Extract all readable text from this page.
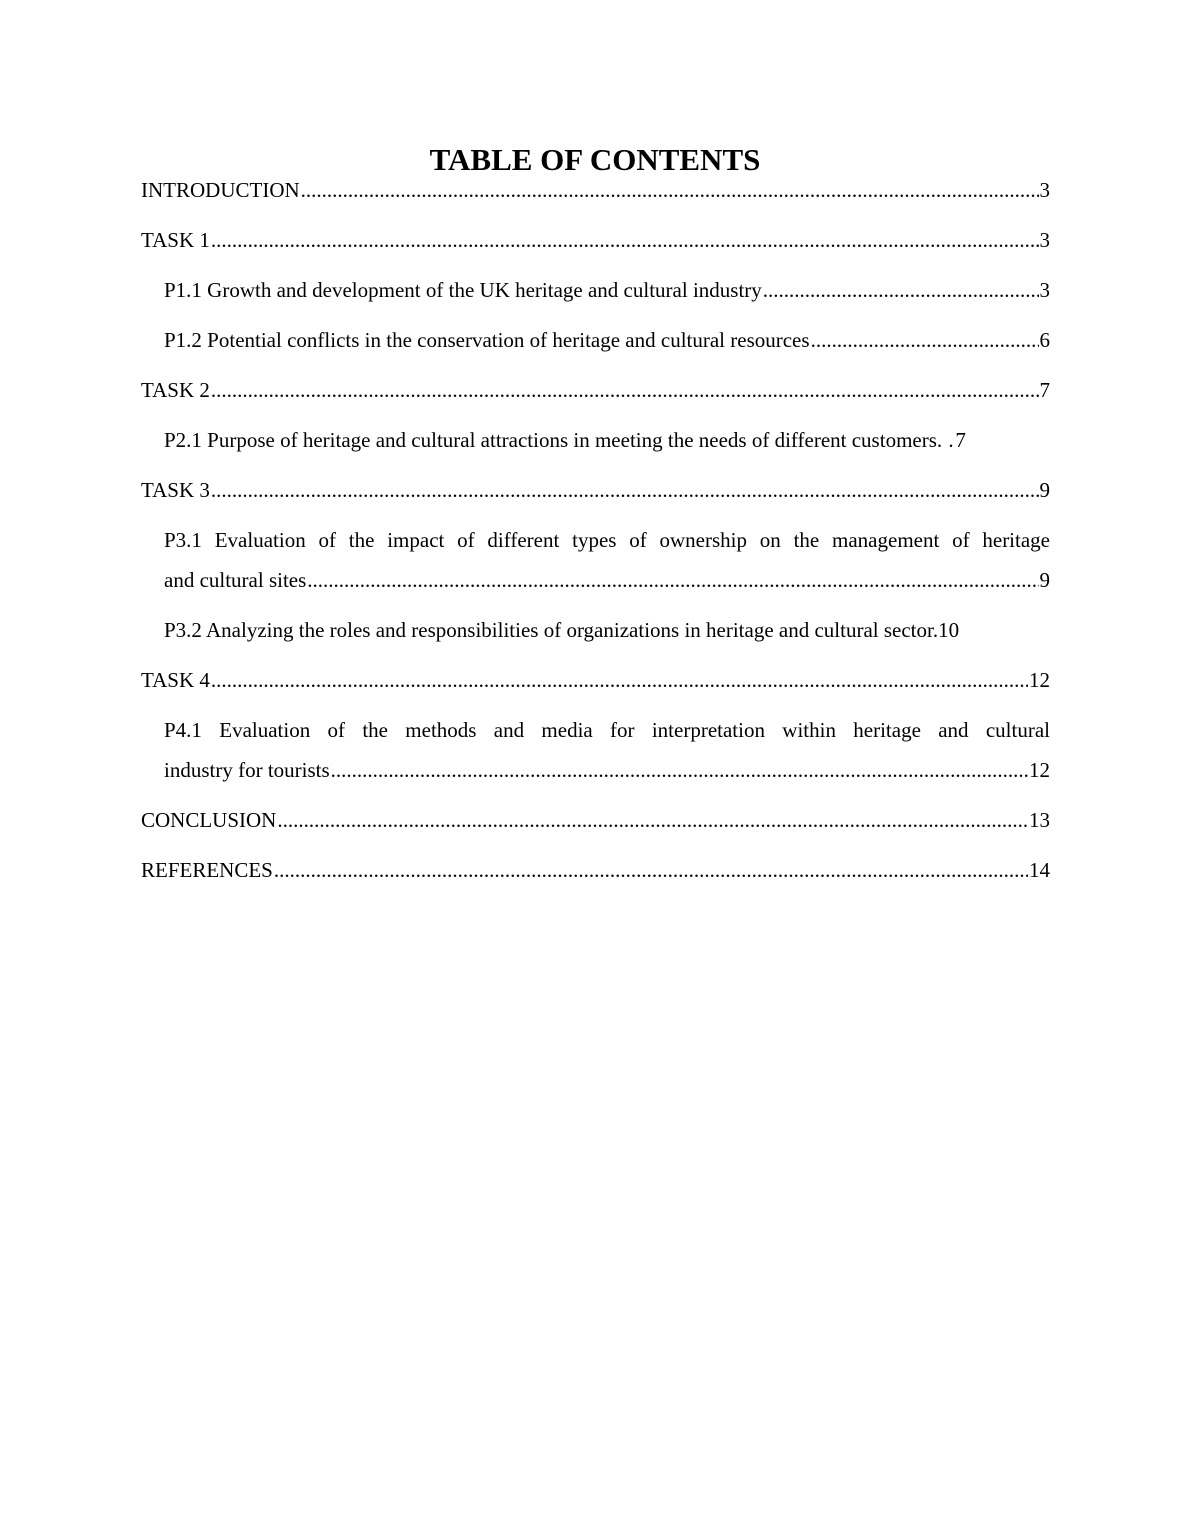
TABLE OF CONTENTS
INTRODUCTION .....	3
TASK 1 .....	3
P1.1 Growth and development of the UK heritage and cultural industry .....	3
P1.2 Potential conflicts in the conservation of heritage and cultural resources .....	6
TASK 2 .....	7
P2.1 Purpose of heritage and cultural attractions in meeting the needs of different customers. ..... 7
TASK 3 .....	9
P3.1 Evaluation of the impact of different types of ownership on the management of heritage
and cultural sites .....	9
P3.2 Analyzing the roles and responsibilities of organizations in heritage and cultural sector. 10
TASK 4 .....	12
P4.1 Evaluation of the methods and media for interpretation within heritage and cultural
industry for tourists .....	12
CONCLUSION .....	13
REFERENCES .....	14
